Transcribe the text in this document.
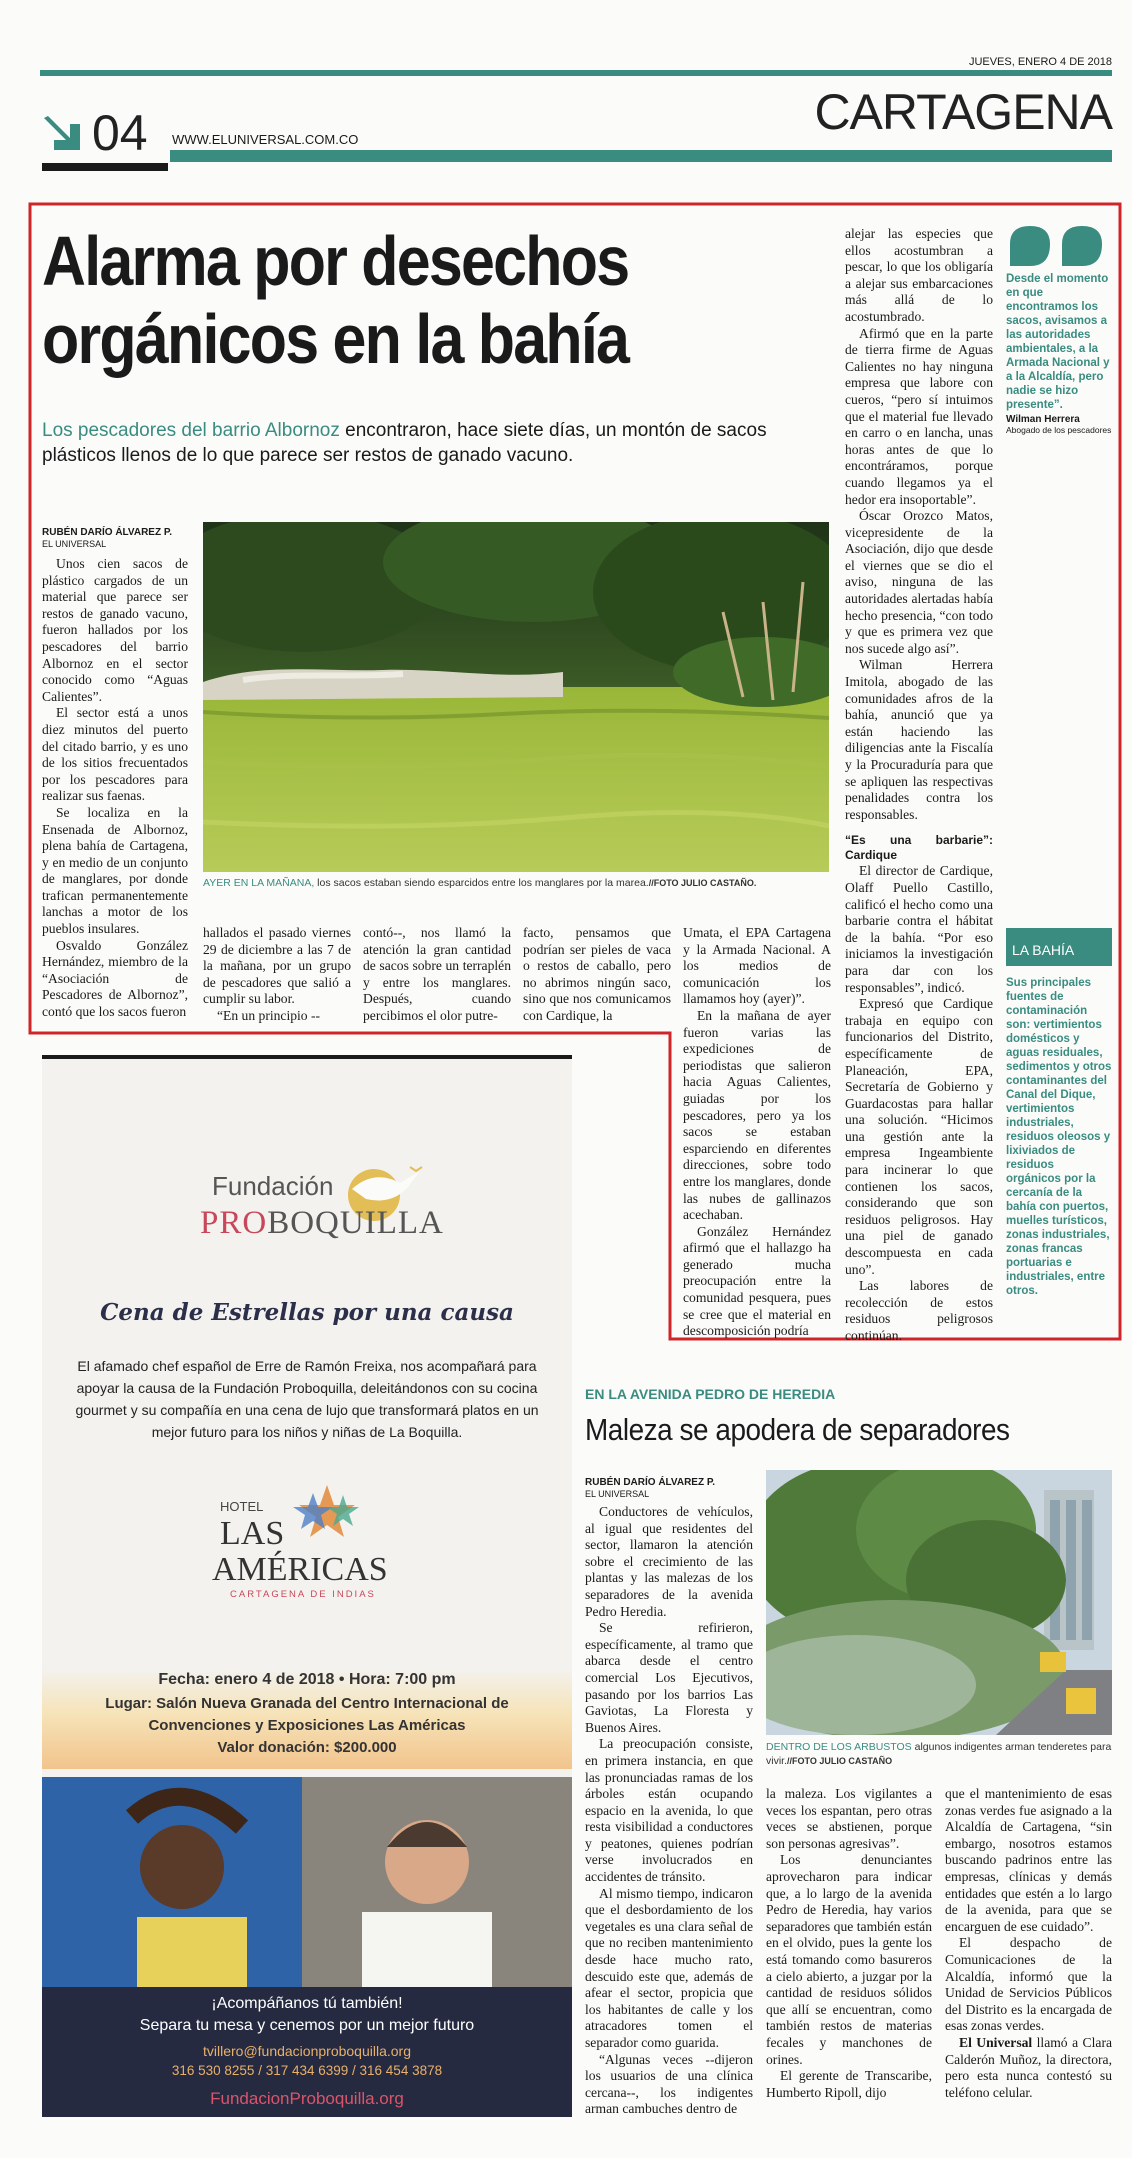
JUEVES, ENERO 4 DE 2018
04 WWW.ELUNIVERSAL.COM.CO	CARTAGENA
Alarma por desechos orgánicos en la bahía
Los pescadores del barrio Albornoz encontraron, hace siete días, un montón de sacos plásticos llenos de lo que parece ser restos de ganado vacuno.
RUBÉN DARÍO ÁLVAREZ P.
EL UNIVERSAL

Unos cien sacos de plástico cargados de un material que parece ser restos de ganado vacuno, fueron hallados por los pescadores del barrio Albornoz en el sector conocido como “Aguas Calientes”.

El sector está a unos diez minutos del puerto del citado barrio, y es uno de los sitios frecuentados por los pescadores para realizar sus faenas.

Se localiza en la Ensenada de Albornoz, plena bahía de Cartagena, y en medio de un conjunto de manglares, por donde trafican permanentemente lanchas a motor de los pueblos insulares.

Osvaldo González Hernández, miembro de la “Asociación de Pescadores de Albornoz”, contó que los sacos fueron

AYER EN LA MAÑANA, los sacos estaban siendo esparcidos entre los manglares por la marea.//FOTO JULIO CASTAÑO.

hallados el pasado viernes 29 de diciembre a las 7 de la mañana, por un grupo de pescadores que salió a cumplir su labor.

“En un principio --

contó--, nos llamó la atención la gran cantidad de sacos sobre un terraplén y entre los manglares. Después, cuando percibimos el olor putre-

facto, pensamos que podrían ser pieles de vaca o restos de caballo, pero no abrimos ningún saco, sino que nos comunicamos con Cardique, la

Umata, el EPA Cartagena y la Armada Nacional. A los medios de comunicación los llamamos hoy (ayer)”.

En la mañana de ayer fueron varias las expediciones de periodistas que salieron hacia Aguas Calientes, guiadas por los pescadores, pero ya los sacos se estaban esparciendo en diferentes direcciones, sobre todo entre los manglares, donde las nubes de gallinazos acechaban.

González Hernández afirmó que el hallazgo ha generado mucha preocupación entre la comunidad pesquera, pues se cree que el material en descomposición podría

alejar las especies que ellos acostumbran a pescar, lo que los obligaría a alejar sus embarcaciones más allá de lo acostumbrado.

Afirmó que en la parte de tierra firme de Aguas Calientes no hay ninguna empresa que labore con cueros, “pero sí intuimos que el material fue llevado en carro o en lancha, unas horas antes de que lo encontráramos, porque cuando llegamos ya el hedor era insoportable”.

Óscar Orozco Matos, vicepresidente de la Asociación, dijo que desde el viernes que se dio el aviso, ninguna de las autoridades alertadas había hecho presencia, “con todo y que es primera vez que nos sucede algo así”.

Wilman Herrera Imitola, abogado de las comunidades afros de la bahía, anunció que ya están haciendo las diligencias ante la Fiscalía y la Procuraduría para que se apliquen las respectivas penalidades contra los responsables.

“Es una barbarie”: Cardique

El director de Cardique, Olaff Puello Castillo, calificó el hecho como una barbarie contra el hábitat de la bahía. “Por eso iniciamos la investigación para dar con los responsables”, indicó.

Expresó que Cardique trabaja en equipo con funcionarios del Distrito, específicamente de Planeación, EPA, Secretaría de Gobierno y Guardacostas para hallar una solución. “Hicimos una gestión ante la empresa Ingeambiente para incinerar lo que contienen los sacos, considerando que son residuos peligrosos. Hay una piel de ganado descompuesta en cada uno”.

Las labores de recolección de estos residuos peligrosos continúan.

Desde el momento en que encontramos los sacos, avisamos a las autoridades ambientales, a la Armada Nacional y a la Alcaldía, pero nadie se hizo presente”.
Wilman Herrera
Abogado de los pescadores
LA BAHÍA
Sus principales fuentes de contaminación son: vertimientos domésticos y aguas residuales, sedimentos y otros contaminantes del Canal del Dique, vertimientos industriales, residuos oleosos y lixiviados de residuos orgánicos por la cercanía de la bahía con puertos, muelles turísticos, zonas industriales, zonas francas portuarias e industriales, entre otros.
Fundación
PROBOQUILLA
Cena de Estrellas por una causa
El afamado chef español de Erre de Ramón Freixa, nos acompañará para apoyar la causa de la Fundación Proboquilla, deleitándonos con su cocina gourmet y su compañía en una cena de lujo que transformará platos en un mejor futuro para los niños y niñas de La Boquilla.
HOTEL
LAS
AMÉRICAS
CARTAGENA DE INDIAS
Fecha: enero 4 de 2018 • Hora: 7:00 pm
Lugar: Salón Nueva Granada del Centro Internacional de
Convenciones y Exposiciones Las Américas
Valor donación: $200.000
¡Acompáñanos tú también!
Separa tu mesa y cenemos por un mejor futuro
tvillero@fundacionproboquilla.org
316 530 8255 / 317 434 6399 / 316 454 3878
FundacionProboquilla.org
EN LA AVENIDA PEDRO DE HEREDIA
Maleza se apodera de separadores
RUBÉN DARÍO ÁLVAREZ P.
EL UNIVERSAL

Conductores de vehículos, al igual que residentes del sector, llamaron la atención sobre el crecimiento de las plantas y las malezas de los separadores de la avenida Pedro Heredia.

Se refirieron, específicamente, al tramo que abarca desde el centro comercial Los Ejecutivos, pasando por los barrios Las Gaviotas, La Floresta y Buenos Aires.

La preocupación consiste, en primera instancia, en que las pronunciadas ramas de los árboles están ocupando espacio en la avenida, lo que resta visibilidad a conductores y peatones, quienes podrían verse involucrados en accidentes de tránsito.

Al mismo tiempo, indicaron que el desbordamiento de los vegetales es una clara señal de que no reciben mantenimiento desde hace mucho rato, descuido este que, además de afear el sector, propicia que los habitantes de calle y los atracadores tomen el separador como guarida.

“Algunas veces --dijeron los usuarios de una clínica cercana--, los indigentes arman cambuches dentro de

DENTRO DE LOS ARBUSTOS algunos indigentes arman tenderetes para vivir.//FOTO JULIO CASTAÑO

la maleza. Los vigilantes a veces los espantan, pero otras veces se abstienen, porque son personas agresivas”.

Los denunciantes aprovecharon para indicar que, a lo largo de la avenida Pedro de Heredia, hay varios separadores que también están en el olvido, pues la gente los está tomando como basureros a cielo abierto, a juzgar por la cantidad de residuos sólidos que allí se encuentran, como también restos de materias fecales y manchones de orines.

El gerente de Transcaribe, Humberto Ripoll, dijo

que el mantenimiento de esas zonas verdes fue asignado a la Alcaldía de Cartagena, “sin embargo, nosotros estamos buscando padrinos entre las empresas, clínicas y demás entidades que estén a lo largo de la avenida, para que se encarguen de ese cuidado”.

El despacho de Comunicaciones de la Alcaldía, informó que la Unidad de Servicios Públicos del Distrito es la encargada de esas zonas verdes.

El Universal llamó a Clara Calderón Muñoz, la directora, pero esta nunca contestó su teléfono celular.
